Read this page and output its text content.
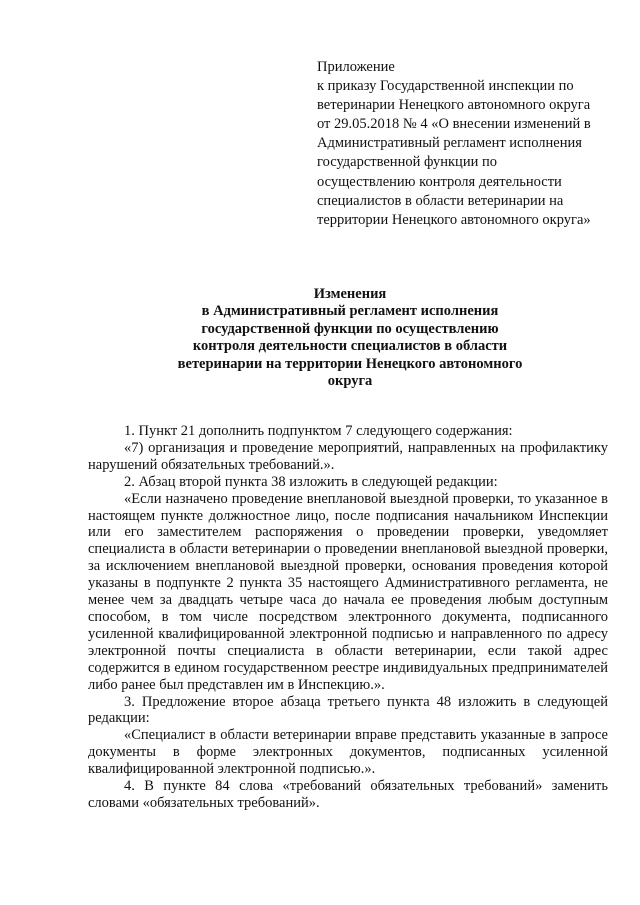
Приложение
к приказу Государственной инспекции по
ветеринарии Ненецкого автономного округа
от 29.05.2018 № 4 «О внесении изменений в
Административный регламент исполнения
государственной функции по
осуществлению контроля деятельности
специалистов в области ветеринарии на
территории Ненецкого автономного округа»
Изменения
в Административный регламент исполнения
государственной функции по осуществлению
контроля деятельности специалистов в области
ветеринарии на территории Ненецкого автономного
округа

1. Пункт 21 дополнить подпунктом 7 следующего содержания:

«7) организация и проведение мероприятий, направленных на профилактику нарушений обязательных требований.».

2. Абзац второй пункта 38 изложить в следующей редакции:

«Если назначено проведение внеплановой выездной проверки, то указанное в настоящем пункте должностное лицо, после подписания начальником Инспекции или его заместителем распоряжения о проведении проверки, уведомляет специалиста в области ветеринарии о проведении внеплановой выездной проверки, за исключением внеплановой выездной проверки, основания проведения которой указаны в подпункте 2 пункта 35 настоящего Административного регламента, не менее чем за двадцать четыре часа до начала ее проведения любым доступным способом, в том числе посредством электронного документа, подписанного усиленной квалифицированной электронной подписью и направленного по адресу электронной почты специалиста в области ветеринарии, если такой адрес содержится в едином государственном реестре индивидуальных предпринимателей либо ранее был представлен им в Инспекцию.».

3. Предложение второе абзаца третьего пункта 48 изложить в следующей редакции:

«Специалист в области ветеринарии вправе представить указанные в запросе документы в форме электронных документов, подписанных усиленной квалифицированной электронной подписью.».

4. В пункте 84 слова «требований обязательных требований» заменить словами «обязательных требований».
